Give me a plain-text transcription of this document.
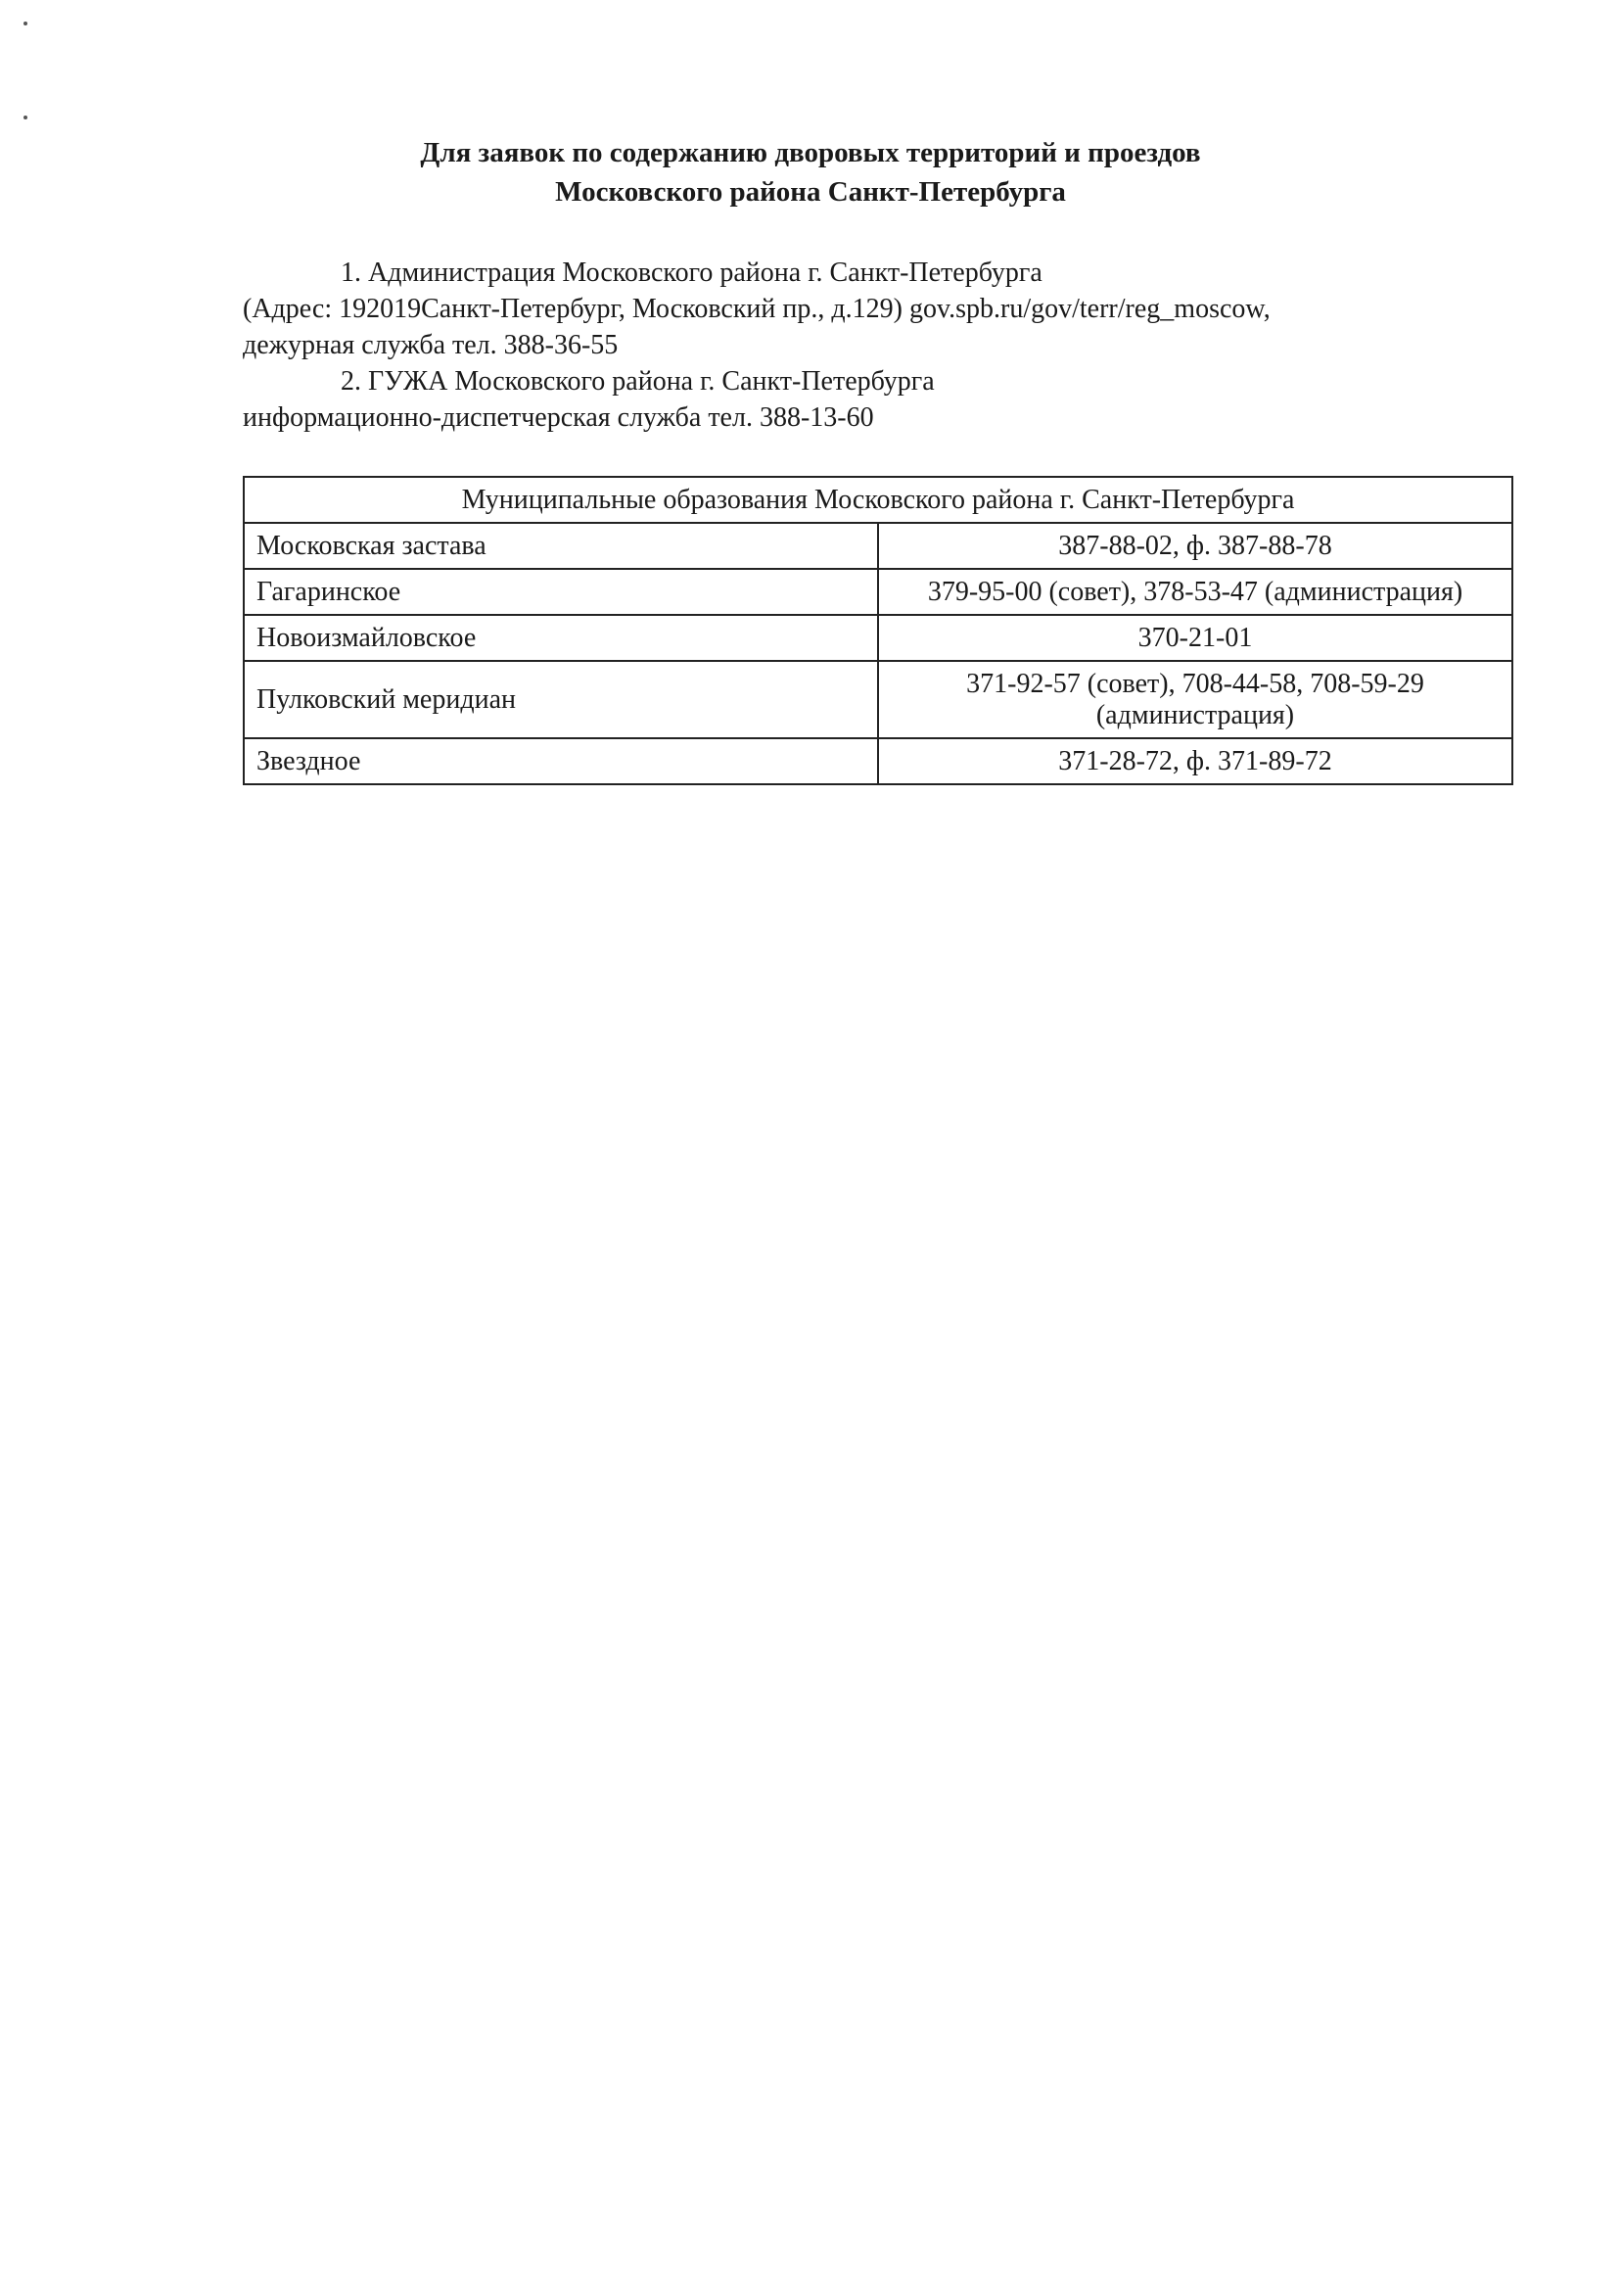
Для заявок по содержанию дворовых территорий и проездов
Московского района Санкт-Петербурга
1. Администрация Московского района г. Санкт-Петербурга
(Адрес: 192019Санкт-Петербург, Московский пр., д.129) gov.spb.ru/gov/terr/reg_moscow,
дежурная служба тел. 388-36-55
2. ГУЖА Московского района г. Санкт-Петербурга
информационно-диспетчерская служба тел. 388-13-60
Муниципальные образования Московского района г. Санкт-Петербурга	
Московская застава	387-88-02, ф. 387-88-78
Гагаринское	379-95-00 (совет), 378-53-47 (администрация)
Новоизмайловское	370-21-01
Пулковский меридиан	371-92-57 (совет), 708-44-58, 708-59-29 (администрация)
Звездное	371-28-72, ф. 371-89-72
